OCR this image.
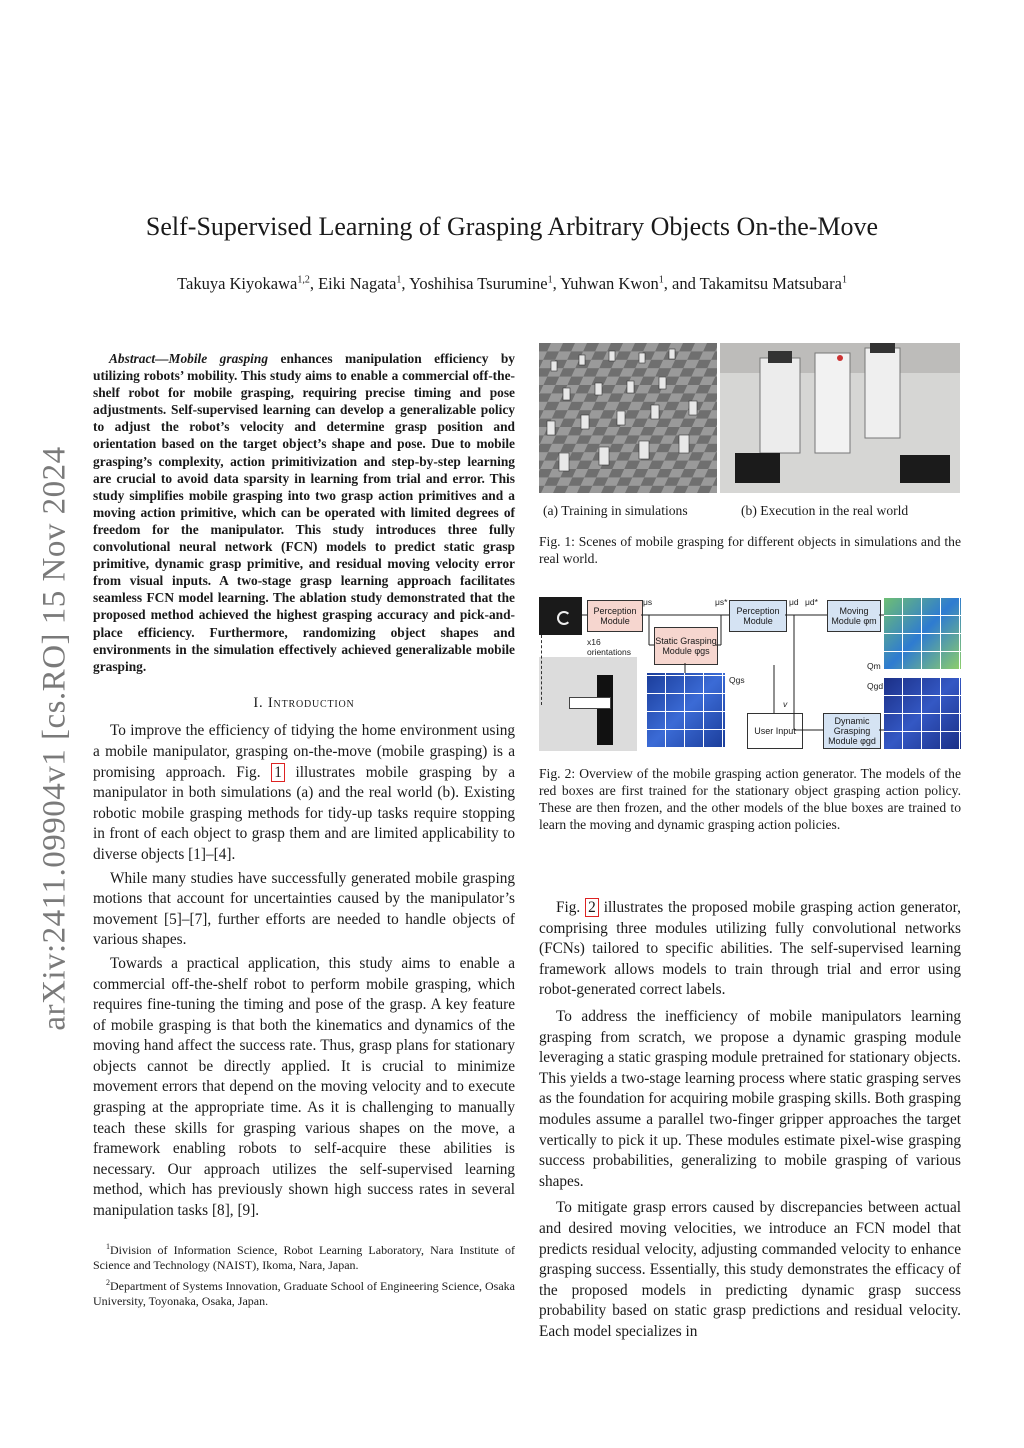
arXiv:2411.09904v1 [cs.RO] 15 Nov 2024
Self-Supervised Learning of Grasping Arbitrary Objects On-the-Move
Takuya Kiyokawa$^{1,2}$, Eiki Nagata$^1$, Yoshihisa Tsurumine$^1$, Yuhwan Kwon$^1$, and Takamitsu Matsubara$^1$

Abstract—Mobile grasping enhances manipulation efficiency by utilizing robots’ mobility. This study aims to enable a commercial off-the-shelf robot for mobile grasping, requiring precise timing and pose adjustments. Self-supervised learning can develop a generalizable policy to adjust the robot’s velocity and determine grasp position and orientation based on the target object’s shape and pose. Due to mobile grasping’s complexity, action primitivization and step-by-step learning are crucial to avoid data sparsity in learning from trial and error. This study simplifies mobile grasping into two grasp action primitives and a moving action primitive, which can be operated with limited degrees of freedom for the manipulator. This study introduces three fully convolutional neural network (FCN) models to predict static grasp primitive, dynamic grasp primitive, and residual moving velocity error from visual inputs. A two-stage grasp learning approach facilitates seamless FCN model learning. The ablation study demonstrated that the proposed method achieved the highest grasping accuracy and pick-and-place efficiency. Furthermore, randomizing object shapes and environments in the simulation effectively achieved generalizable mobile grasping.

I. Introduction

To improve the efficiency of tidying the home environment using a mobile manipulator, grasping on-the-move (mobile grasping) is a promising approach. Fig. 1 illustrates mobile grasping by a manipulator in both simulations (a) and the real world (b). Existing robotic mobile grasping methods for tidy-up tasks require stopping in front of each object to grasp them and are limited applicability to diverse objects [1]–[4].

While many studies have successfully generated mobile grasping motions that account for uncertainties caused by the manipulator’s movement [5]–[7], further efforts are needed to handle objects of various shapes.

Towards a practical application, this study aims to enable a commercial off-the-shelf robot to perform mobile grasping, which requires fine-tuning the timing and pose of the grasp. A key feature of mobile grasping is that both the kinematics and dynamics of the moving hand affect the success rate. Thus, grasp plans for stationary objects cannot be directly applied. It is crucial to minimize movement errors that depend on the moving velocity and to execute grasping at the appropriate time. As it is challenging to manually teach these skills for grasping various shapes on the move, a framework enabling robots to self-acquire these abilities is necessary. Our approach utilizes the self-supervised learning method, which has previously shown high success rates in several manipulation tasks [8], [9].

$^1$Division of Information Science, Robot Learning Laboratory, Nara Institute of Science and Technology (NAIST), Ikoma, Nara, Japan.

$^2$Department of Systems Innovation, Graduate School of Engineering Science, Osaka University, Toyonaka, Osaka, Japan.

(a) Training in simulations	(b) Execution in the real world
Fig. 1: Scenes of mobile grasping for different objects in simulations and the real world.
Perception Module
x16 orientations
Static Grasping Module φgs
Perception Module
Moving Module φm
User Input
Dynamic Grasping Module φgd
μs	μs*	μd μd*
Qgs
Qm
Qgd
v
Fig. 2: Overview of the mobile grasping action generator. The models of the red boxes are first trained for the stationary object grasping action policy. These are then frozen, and the other models of the blue boxes are trained to learn the moving and dynamic grasping action policies.

Fig. 2 illustrates the proposed mobile grasping action generator, comprising three modules utilizing fully convolutional networks (FCNs) tailored to specific abilities. The self-supervised learning framework allows models to train through trial and error using robot-generated correct labels.

To address the inefficiency of mobile manipulators learning grasping from scratch, we propose a dynamic grasping module leveraging a static grasping module pretrained for stationary objects. This yields a two-stage learning process where static grasping serves as the foundation for acquiring mobile grasping skills. Both grasping modules assume a parallel two-finger gripper approaches the target vertically to pick it up. These modules estimate pixel-wise grasping success probabilities, generalizing to mobile grasping of various shapes.

To mitigate grasp errors caused by discrepancies between actual and desired moving velocities, we introduce an FCN model that predicts residual velocity, adjusting commanded velocity to enhance grasping success. Essentially, this study demonstrates the efficacy of the proposed models in predicting dynamic grasp success probability based on static grasp predictions and residual velocity. Each model specializes in
